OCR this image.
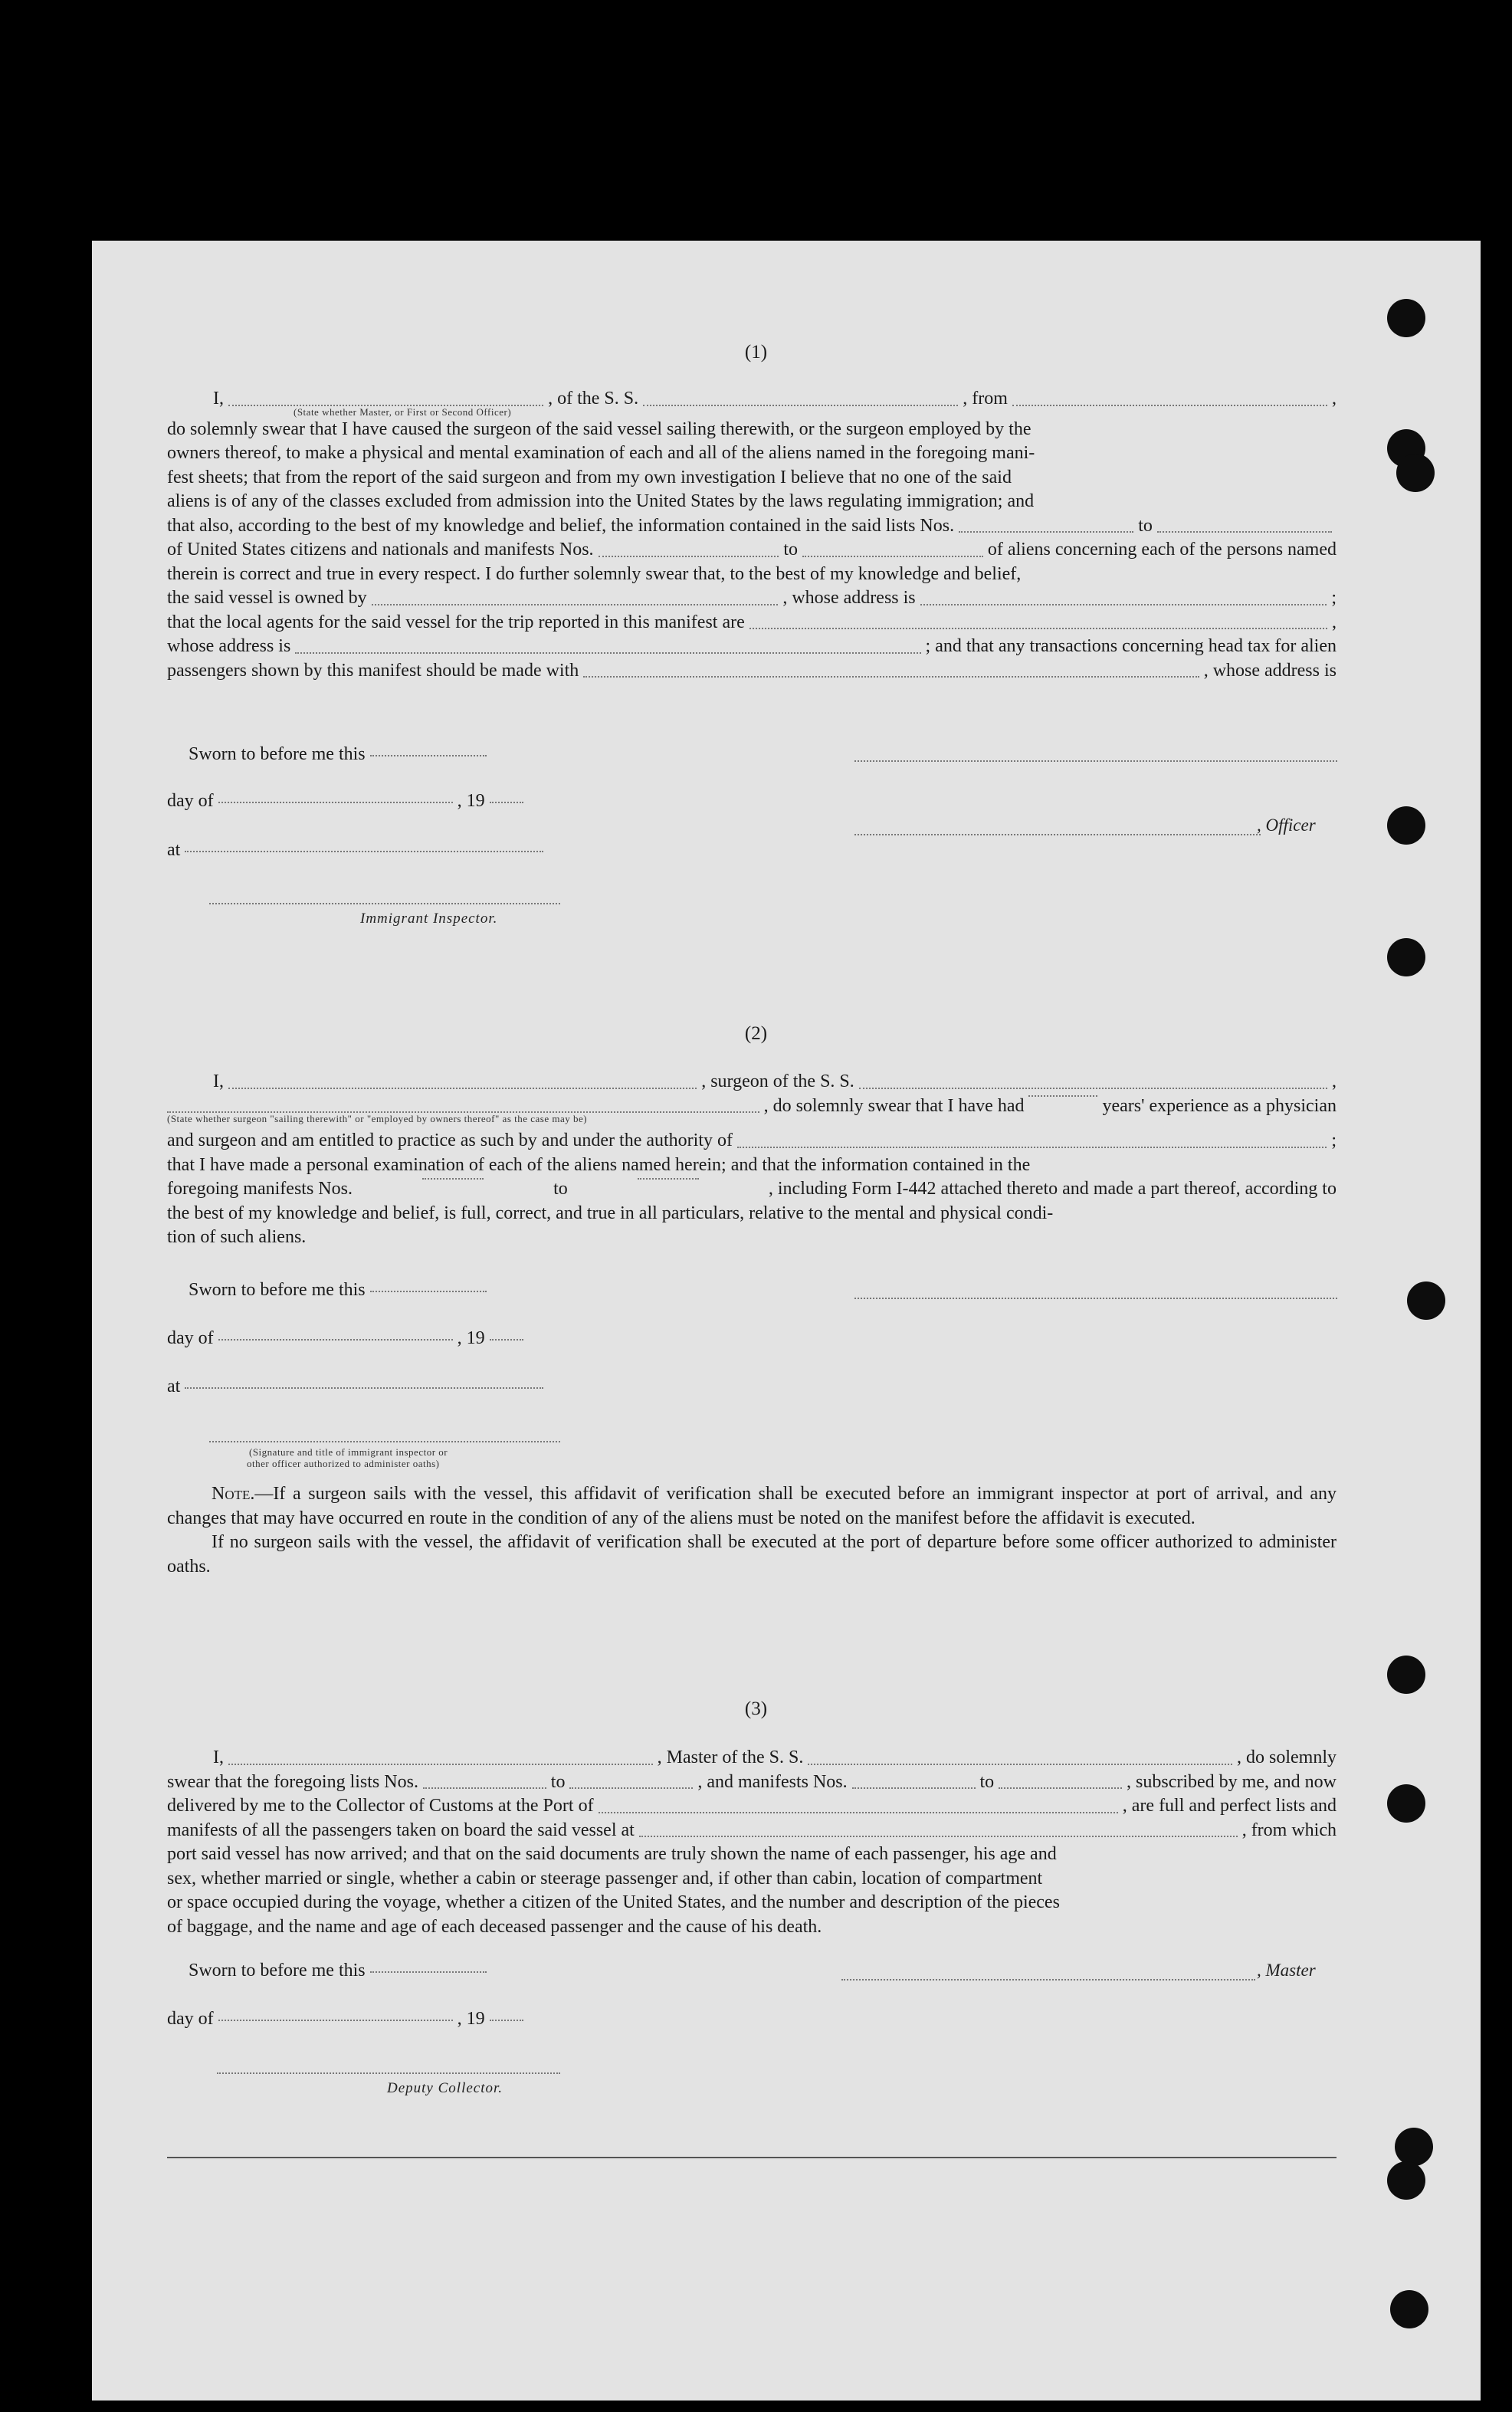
(1)
I,	, of the S. S.	, from	,
(State whether Master, or First or Second Officer)
do solemnly swear that I have caused the surgeon of the said vessel sailing therewith, or the surgeon employed by the
owners thereof, to make a physical and mental examination of each and all of the aliens named in the foregoing mani-
fest sheets; that from the report of the said surgeon and from my own investigation I believe that no one of the said
aliens is of any of the classes excluded from admission into the United States by the laws regulating immigration; and
that also, according to the best of my knowledge and belief, the information contained in the said lists Nos.	to
of United States citizens and nationals and manifests Nos.	to	of aliens concerning each of the persons named
therein is correct and true in every respect. I do further solemnly swear that, to the best of my knowledge and belief,
the said vessel is owned by	, whose address is	;
that the local agents for the said vessel for the trip reported in this manifest are	,
whose address is	; and that any transactions concerning head tax for alien
passengers shown by this manifest should be made with	, whose address is
Sworn to before me this
day of	, 19
, Officer
at
Immigrant Inspector.
(2)
I,	, surgeon of the S. S.	,
, do solemnly swear that I have had	years' experience as a physician
(State whether surgeon "sailing therewith" or "employed by owners thereof" as the case may be)
and surgeon and am entitled to practice as such by and under the authority of	;
that I have made a personal examination of each of the aliens named herein; and that the information contained in the
foregoing manifests Nos.	to	, including Form I-442 attached thereto and made a part thereof, according to
the best of my knowledge and belief, is full, correct, and true in all particulars, relative to the mental and physical condi-
tion of such aliens.
Sworn to before me this
day of	, 19
at
(Signature and title of immigrant inspector or
other officer authorized to administer oaths)

Note.—If a surgeon sails with the vessel, this affidavit of verification shall be executed before an immigrant inspector at port of arrival, and any changes that may have occurred en route in the condition of any of the aliens must be noted on the manifest before the affidavit is executed.

If no surgeon sails with the vessel, the affidavit of verification shall be executed at the port of departure before some officer authorized to administer oaths.

(3)
I,	, Master of the S. S.	, do solemnly
swear that the foregoing lists Nos.	to	, and manifests Nos.	to	, subscribed by me, and now
delivered by me to the Collector of Customs at the Port of	, are full and perfect lists and
manifests of all the passengers taken on board the said vessel at	, from which
port said vessel has now arrived; and that on the said documents are truly shown the name of each passenger, his age and
sex, whether married or single, whether a cabin or steerage passenger and, if other than cabin, location of compartment
or space occupied during the voyage, whether a citizen of the United States, and the number and description of the pieces
of baggage, and the name and age of each deceased passenger and the cause of his death.
Sworn to before me this	, Master
day of	, 19
Deputy Collector.
